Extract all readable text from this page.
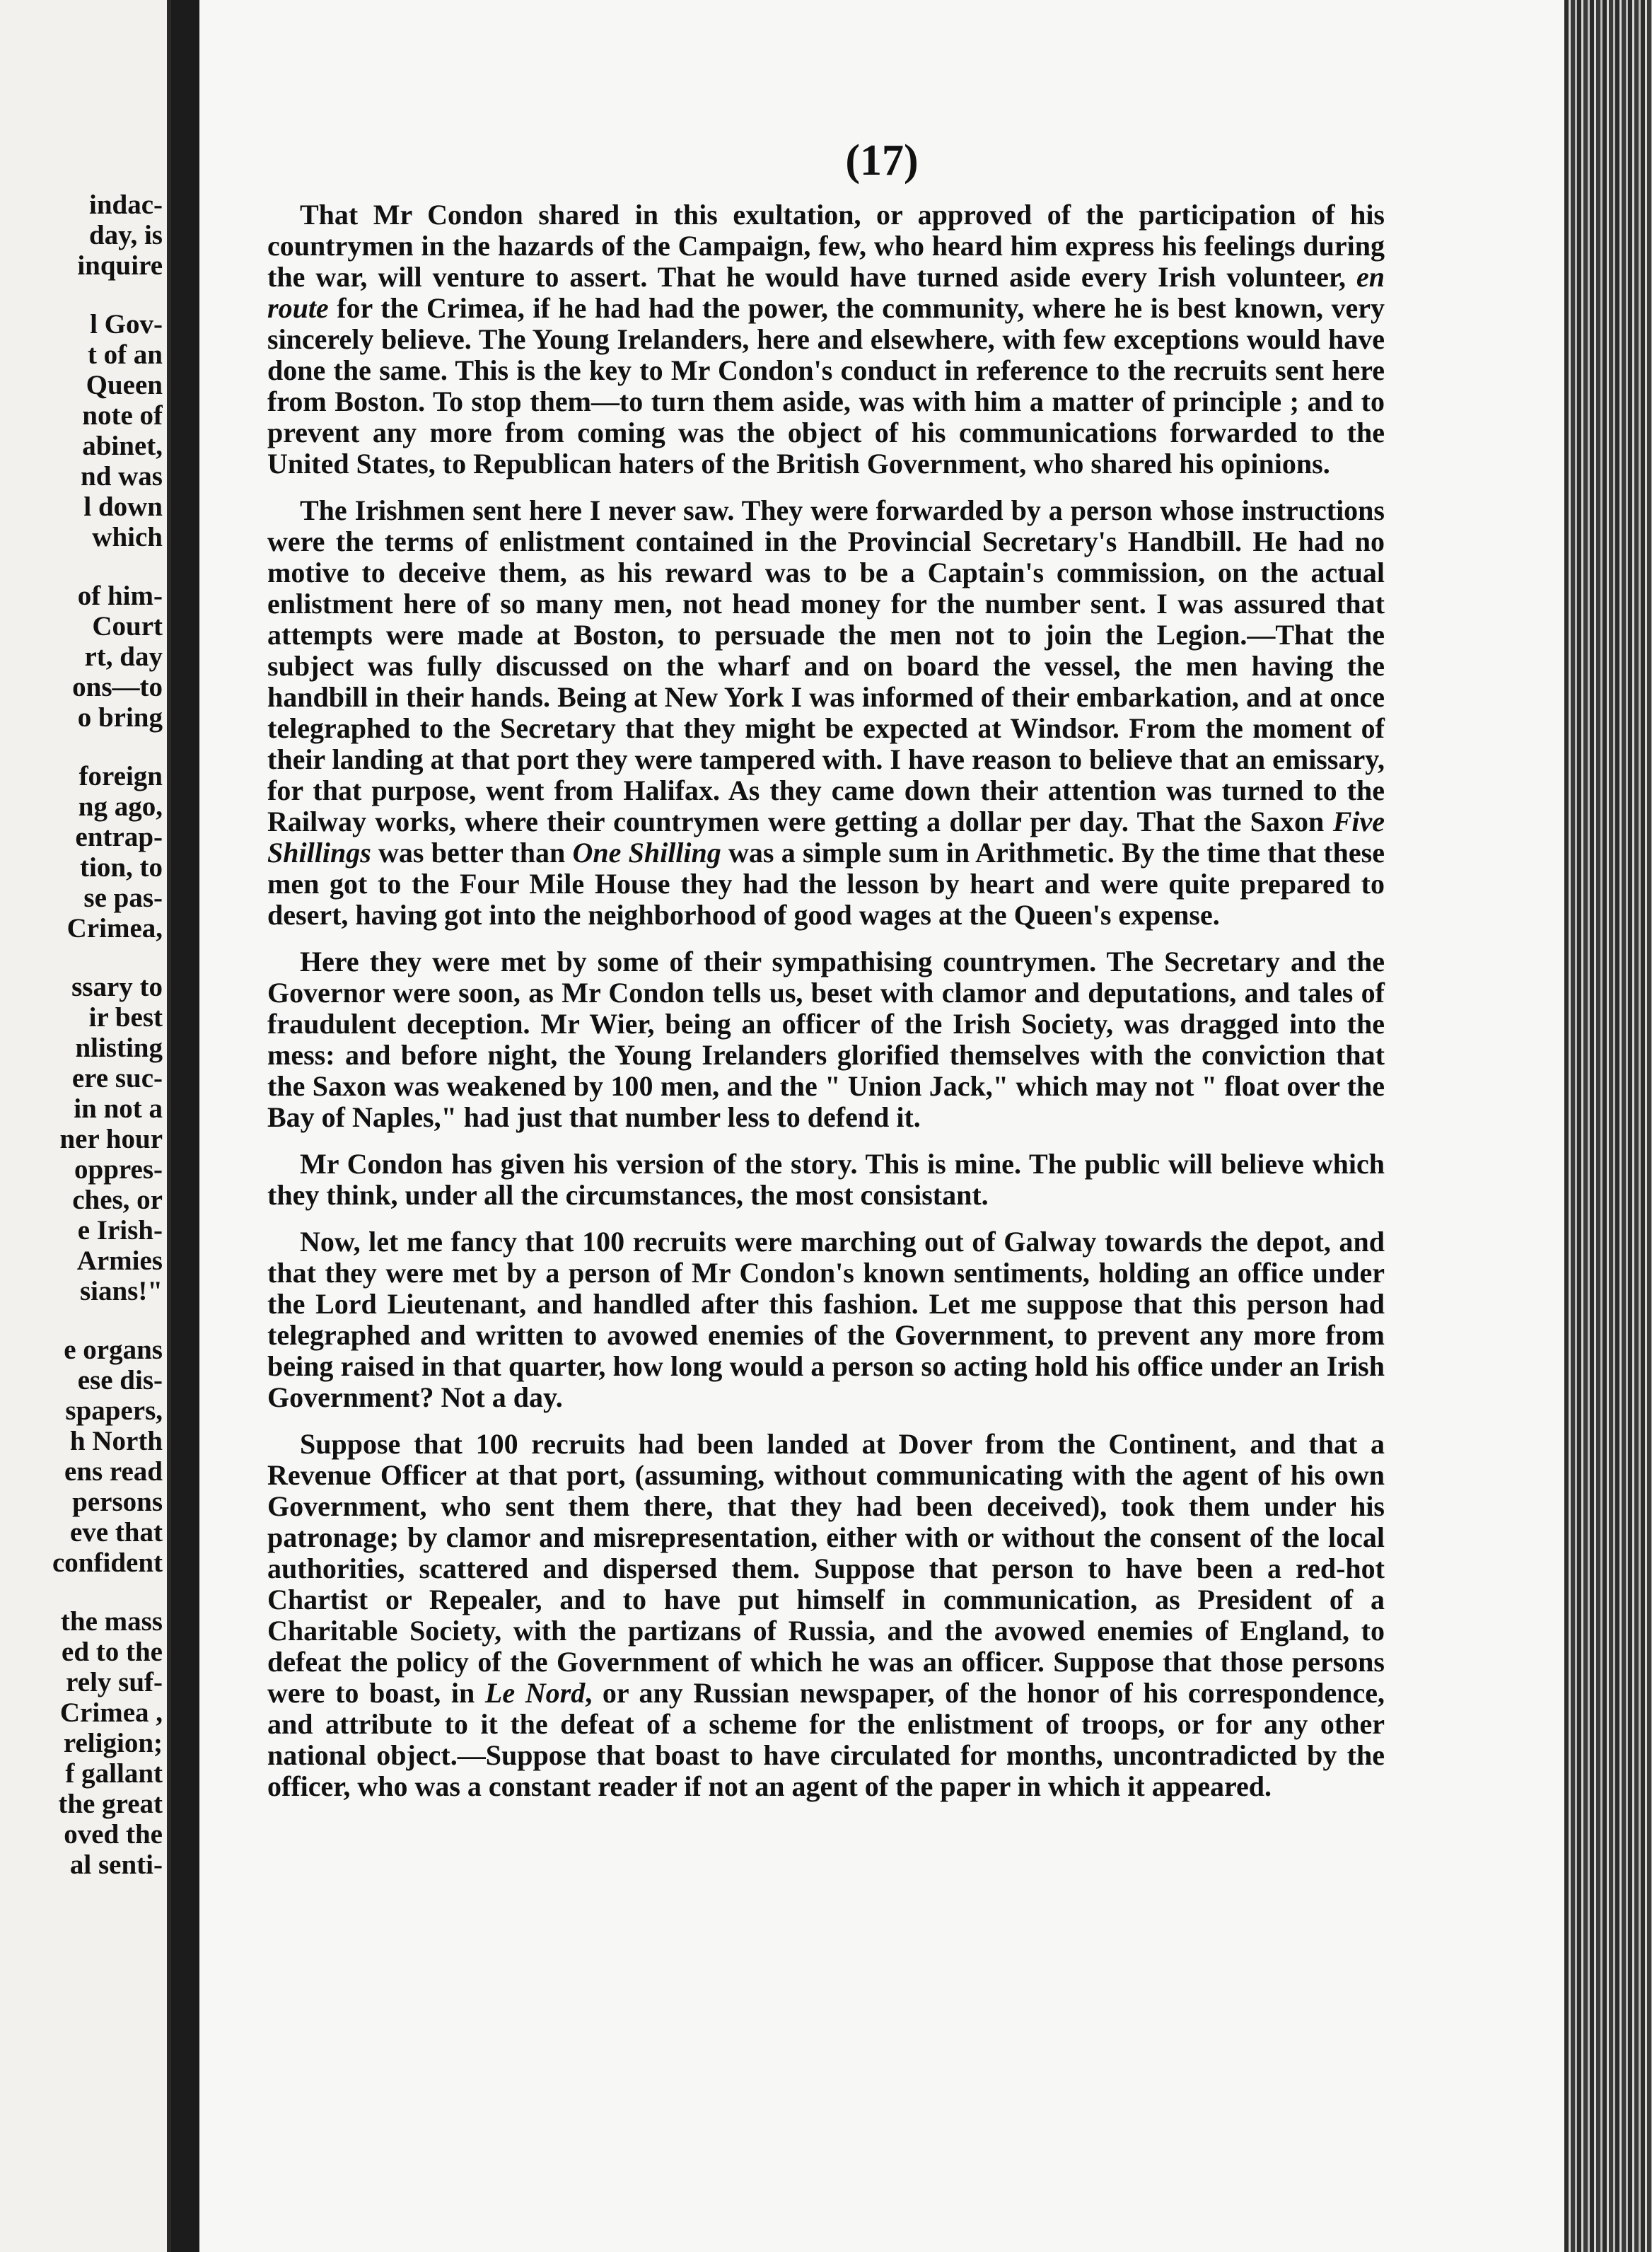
indac-
day, is
inquire
l Gov-
t of an
Queen
note of
abinet,
nd was
l down
which
of him-
Court
rt, day
ons—to
o bring
foreign
ng ago,
entrap-
tion, to
se pas-
Crimea,
ssary to
ir best
nlisting
ere suc-
in not a
ner hour
oppres-
ches, or
e Irish-
Armies
sians!"
e organs
ese dis-
spapers,
h North
ens read
persons
eve that
confident
the mass
ed to the
rely suf-
Crimea ,
religion;
f gallant
the great
oved the
al senti-
(17)

That Mr Condon shared in this exultation, or approved of the participation of his countrymen in the hazards of the Campaign, few, who heard him express his feelings during the war, will venture to assert. That he would have turned aside every Irish volunteer, en route for the Crimea, if he had had the power, the community, where he is best known, very sincerely believe. The Young Irelanders, here and elsewhere, with few exceptions would have done the same. This is the key to Mr Condon's conduct in reference to the recruits sent here from Boston. To stop them—to turn them aside, was with him a matter of principle ; and to prevent any more from coming was the object of his communications forwarded to the United States, to Republican haters of the British Government, who shared his opinions.

The Irishmen sent here I never saw. They were forwarded by a person whose instructions were the terms of enlistment contained in the Provincial Secretary's Handbill. He had no motive to deceive them, as his reward was to be a Captain's commission, on the actual enlistment here of so many men, not head money for the number sent. I was assured that attempts were made at Boston, to persuade the men not to join the Legion.—That the subject was fully discussed on the wharf and on board the vessel, the men having the handbill in their hands. Being at New York I was informed of their embarkation, and at once telegraphed to the Secretary that they might be expected at Windsor. From the moment of their landing at that port they were tampered with. I have reason to believe that an emissary, for that purpose, went from Halifax. As they came down their attention was turned to the Railway works, where their countrymen were getting a dollar per day. That the Saxon Five Shillings was better than One Shilling was a simple sum in Arithmetic. By the time that these men got to the Four Mile House they had the lesson by heart and were quite prepared to desert, having got into the neighborhood of good wages at the Queen's expense.

Here they were met by some of their sympathising countrymen. The Secretary and the Governor were soon, as Mr Condon tells us, beset with clamor and deputations, and tales of fraudulent deception. Mr Wier, being an officer of the Irish Society, was dragged into the mess: and before night, the Young Irelanders glorified themselves with the conviction that the Saxon was weakened by 100 men, and the " Union Jack," which may not " float over the Bay of Naples," had just that number less to defend it.

Mr Condon has given his version of the story. This is mine. The public will believe which they think, under all the circumstances, the most consistant.

Now, let me fancy that 100 recruits were marching out of Galway towards the depot, and that they were met by a person of Mr Condon's known sentiments, holding an office under the Lord Lieutenant, and handled after this fashion. Let me suppose that this person had telegraphed and written to avowed enemies of the Government, to prevent any more from being raised in that quarter, how long would a person so acting hold his office under an Irish Government? Not a day.

Suppose that 100 recruits had been landed at Dover from the Continent, and that a Revenue Officer at that port, (assuming, without communicating with the agent of his own Government, who sent them there, that they had been deceived), took them under his patronage; by clamor and misrepresentation, either with or without the consent of the local authorities, scattered and dispersed them. Suppose that person to have been a red-hot Chartist or Repealer, and to have put himself in communication, as President of a Charitable Society, with the partizans of Russia, and the avowed enemies of England, to defeat the policy of the Government of which he was an officer. Suppose that those persons were to boast, in Le Nord, or any Russian newspaper, of the honor of his correspondence, and attribute to it the defeat of a scheme for the enlistment of troops, or for any other national object.—Suppose that boast to have circulated for months, uncontradicted by the officer, who was a constant reader if not an agent of the paper in which it appeared.
